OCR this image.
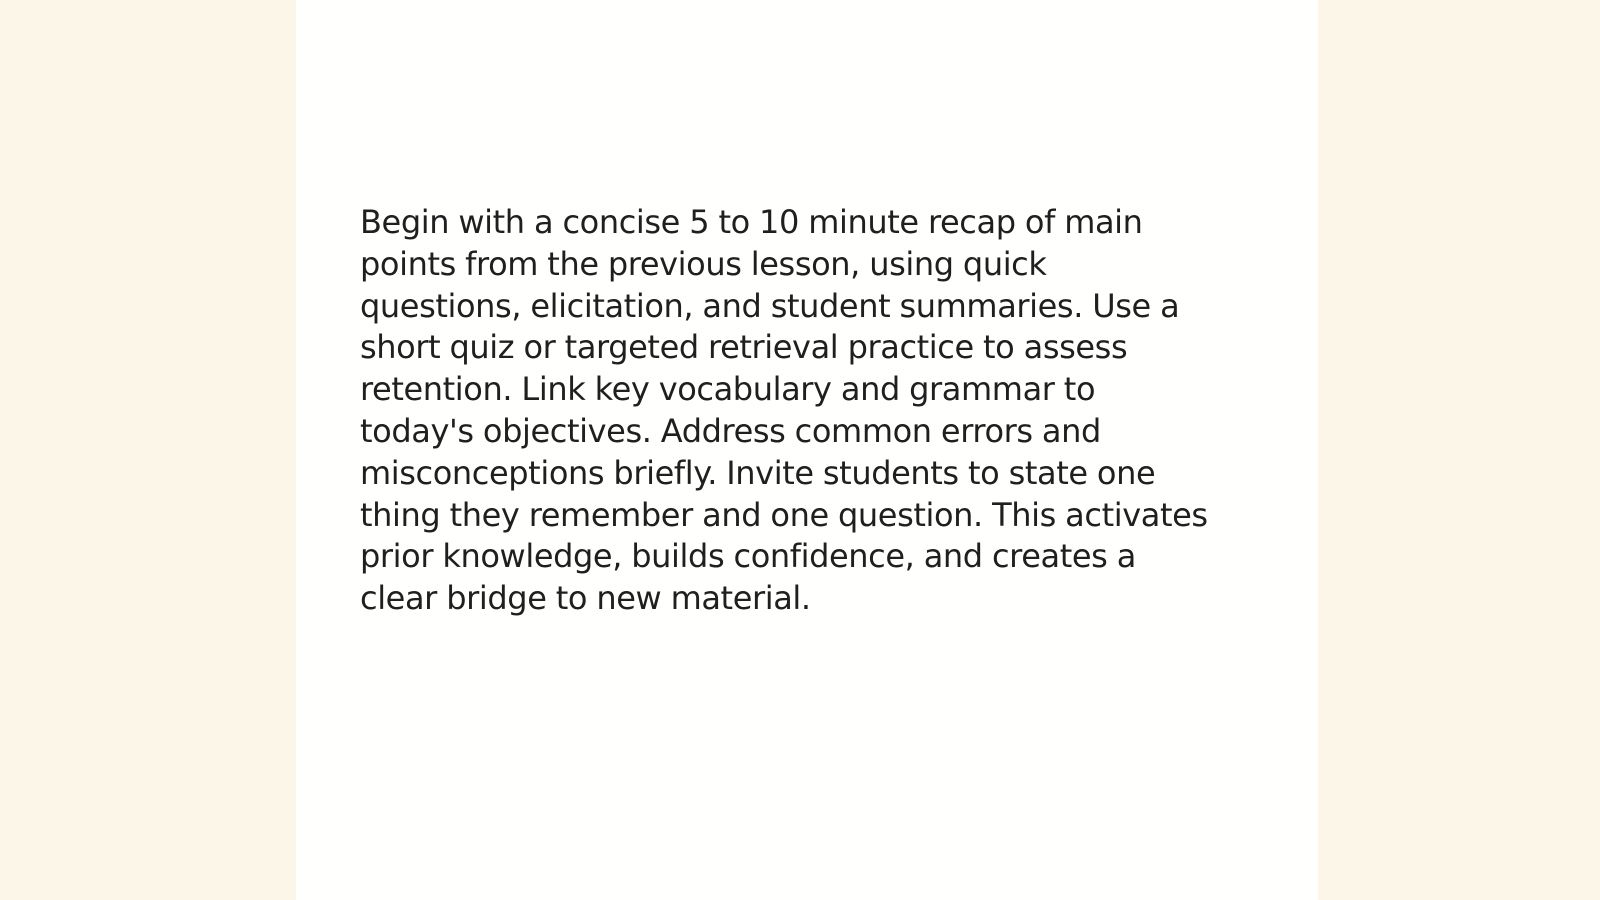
Begin with a concise 5 to 10 minute recap of main
points from the previous lesson, using quick
questions, elicitation, and student summaries. Use a
short quiz or targeted retrieval practice to assess
retention. Link key vocabulary and grammar to
today's objectives. Address common errors and
misconceptions briefly. Invite students to state one
thing they remember and one question. This activates
prior knowledge, builds confidence, and creates a
clear bridge to new material.
